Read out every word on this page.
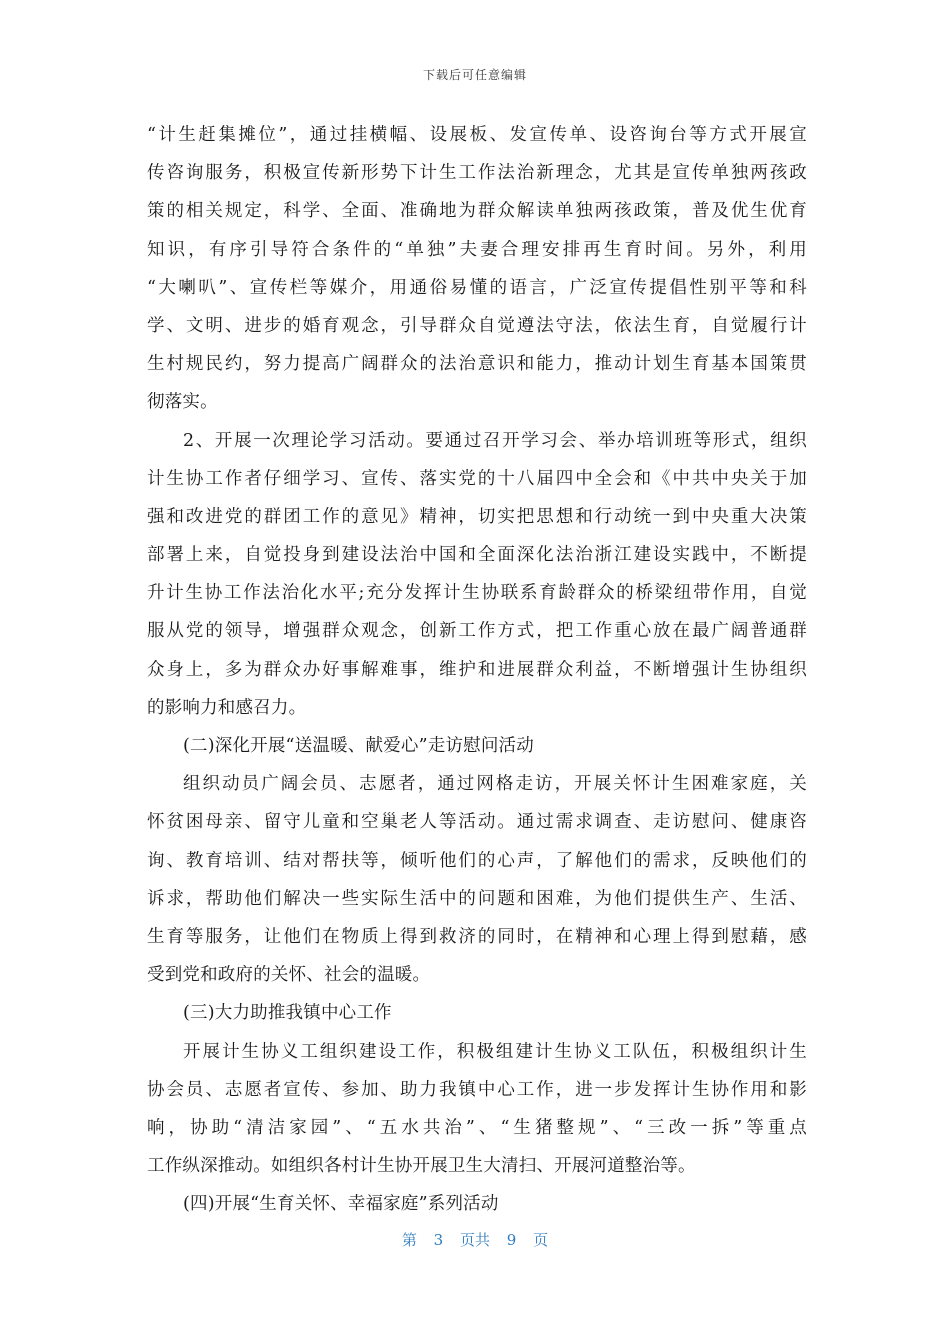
下载后可任意编辑
“计生赶集摊位”，通过挂横幅、设展板、发宣传单、设咨询台等方式开展宣
传咨询服务，积极宣传新形势下计生工作法治新理念，尤其是宣传单独两孩政
策的相关规定，科学、全面、准确地为群众解读单独两孩政策，普及优生优育
知识，有序引导符合条件的“单独”夫妻合理安排再生育时间。另外，利用
“大喇叭”、宣传栏等媒介，用通俗易懂的语言，广泛宣传提倡性别平等和科
学、文明、进步的婚育观念，引导群众自觉遵法守法，依法生育，自觉履行计
生村规民约，努力提高广阔群众的法治意识和能力，推动计划生育基本国策贯
彻落实。
2、开展一次理论学习活动。要通过召开学习会、举办培训班等形式，组织
计生协工作者仔细学习、宣传、落实党的十八届四中全会和《中共中央关于加
强和改进党的群团工作的意见》精神，切实把思想和行动统一到中央重大决策
部署上来，自觉投身到建设法治中国和全面深化法治浙江建设实践中，不断提
升计生协工作法治化水平;充分发挥计生协联系育龄群众的桥梁纽带作用，自觉
服从党的领导，增强群众观念，创新工作方式，把工作重心放在最广阔普通群
众身上，多为群众办好事解难事，维护和进展群众利益，不断增强计生协组织
的影响力和感召力。
(二)深化开展“送温暖、献爱心”走访慰问活动
组织动员广阔会员、志愿者，通过网格走访，开展关怀计生困难家庭，关
怀贫困母亲、留守儿童和空巢老人等活动。通过需求调查、走访慰问、健康咨
询、教育培训、结对帮扶等，倾听他们的心声，了解他们的需求，反映他们的
诉求，帮助他们解决一些实际生活中的问题和困难，为他们提供生产、生活、
生育等服务，让他们在物质上得到救济的同时，在精神和心理上得到慰藉，感
受到党和政府的关怀、社会的温暖。
(三)大力助推我镇中心工作
开展计生协义工组织建设工作，积极组建计生协义工队伍，积极组织计生
协会员、志愿者宣传、参加、助力我镇中心工作，进一步发挥计生协作用和影
响，协助“清洁家园”、“五水共治”、“生猪整规”、“三改一拆”等重点
工作纵深推动。如组织各村计生协开展卫生大清扫、开展河道整治等。
(四)开展“生育关怀、幸福家庭”系列活动
第 3 页共 9 页
